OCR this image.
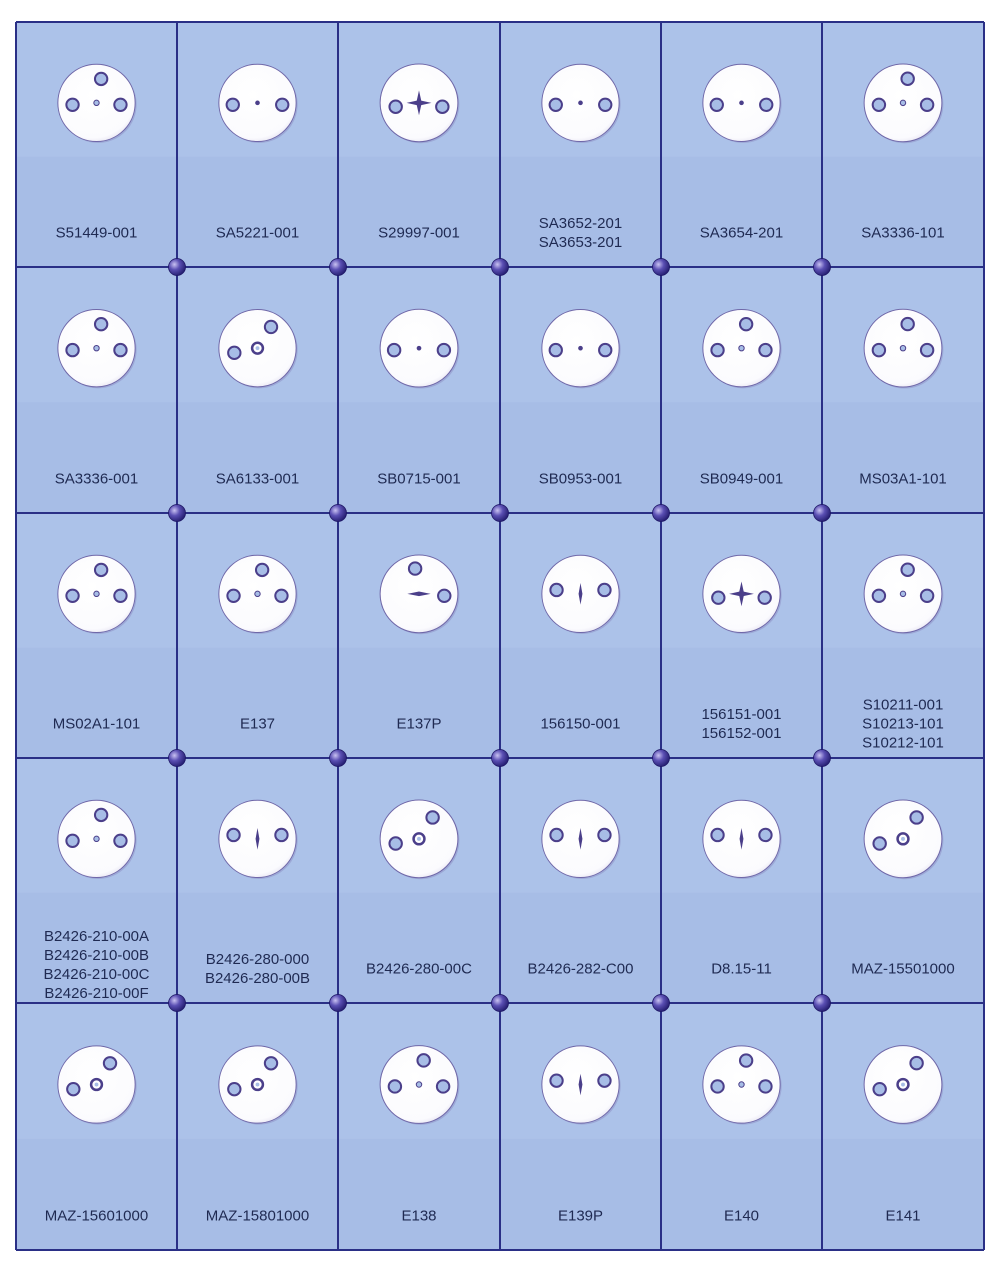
S51449-001	SA5221-001	S29997-001
SA3652-201
SA3653-201
SA3654-201	SA3336-101
SA3336-001	SA6133-001	SB0715-001	SB0953-001	SB0949-001	MS03A1-101
MS02A1-101	E137	E137P	156150-001
156151-001
156152-001
S10211-001
S10213-101
S10212-101
B2426-210-00A
B2426-210-00B
B2426-210-00C
B2426-210-00F
B2426-280-000
B2426-280-00B
B2426-280-00C	B2426-282-C00	D8.15-11	MAZ-15501000
MAZ-15601000	MAZ-15801000	E138	E139P	E140	E141
